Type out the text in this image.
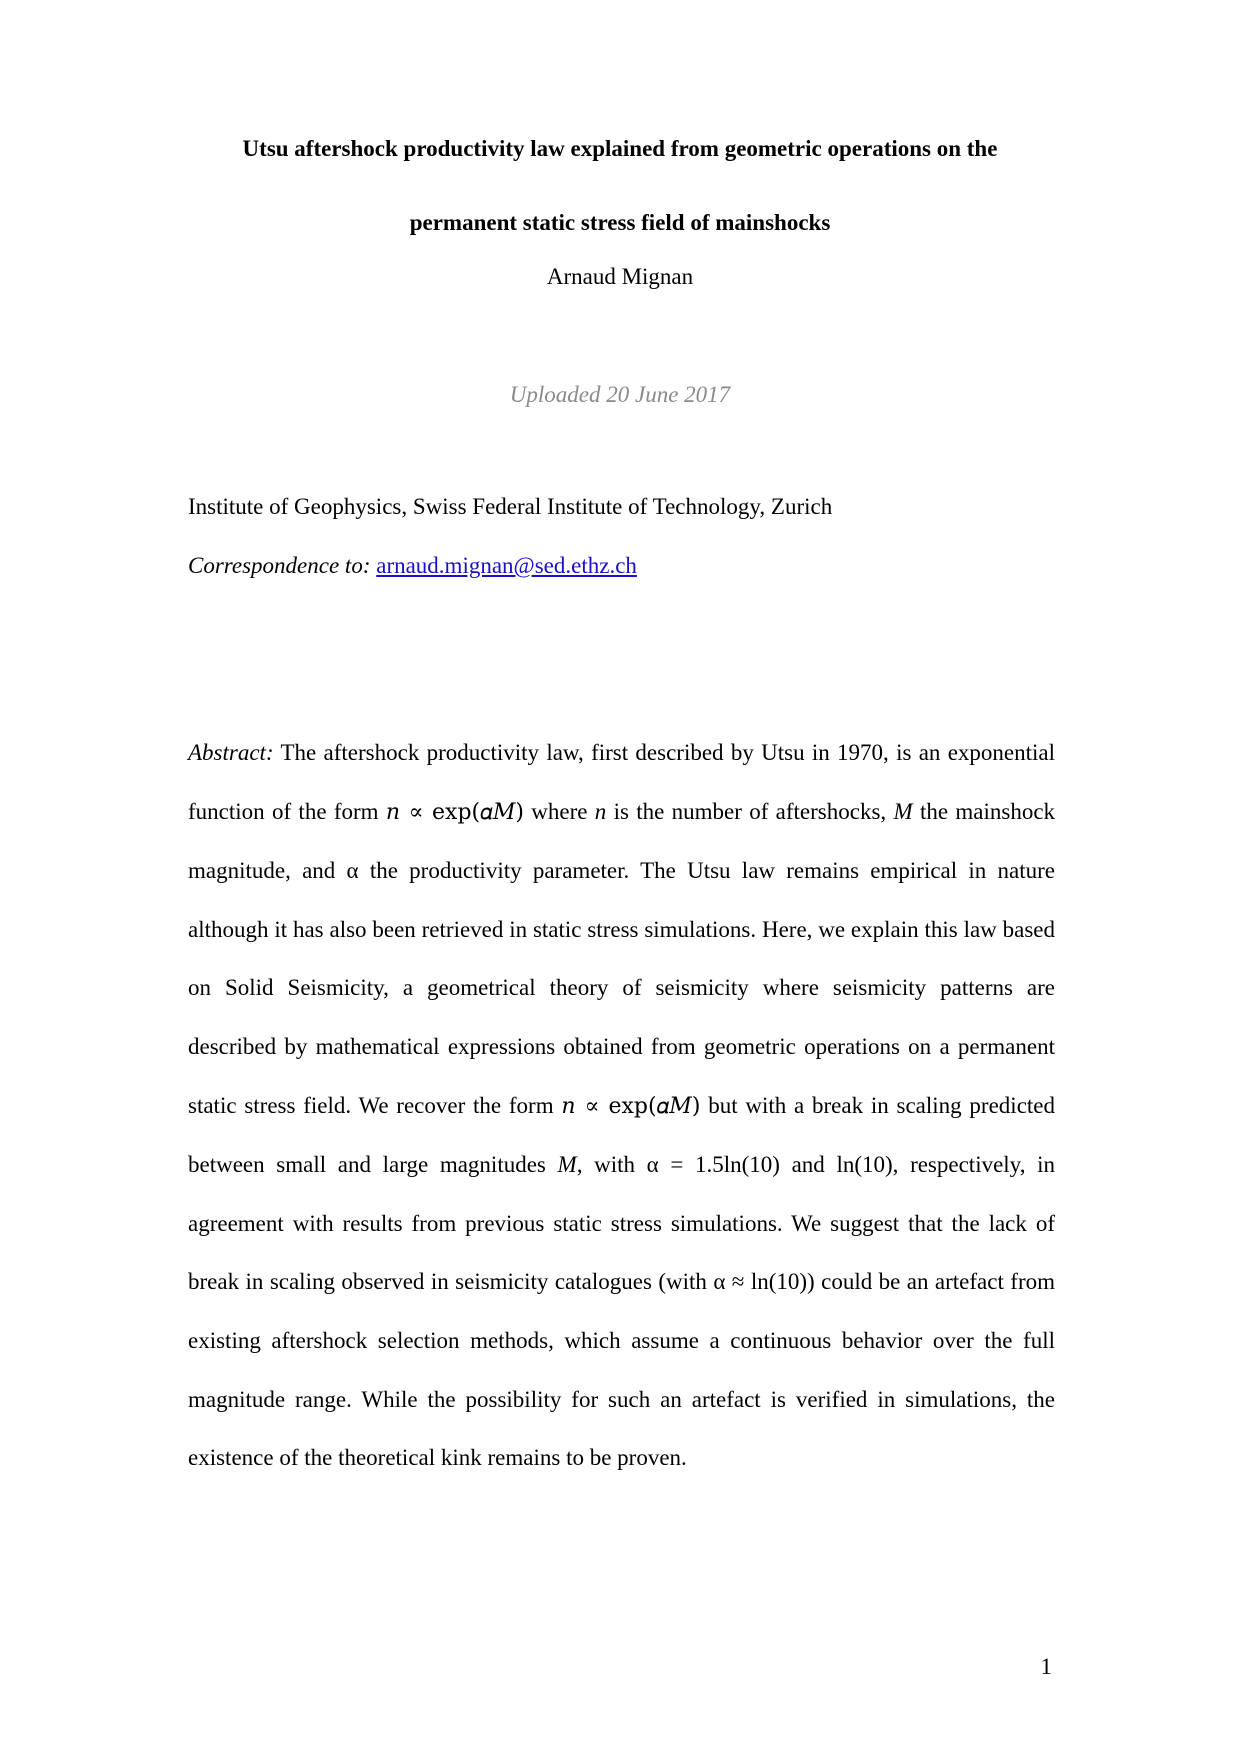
Utsu aftershock productivity law explained from geometric operations on the
permanent static stress field of mainshocks
Arnaud Mignan
Uploaded 20 June 2017
Institute of Geophysics, Swiss Federal Institute of Technology, Zurich
Correspondence to: arnaud.mignan@sed.ethz.ch

Abstract: The aftershock productivity law, first described by Utsu in 1970, is an exponential function of the form 𝑛 ∝ exp(𝛼𝑀) where n is the number of aftershocks, M the mainshock magnitude, and α the productivity parameter. The Utsu law remains empirical in nature although it has also been retrieved in static stress simulations. Here, we explain this law based on Solid Seismicity, a geometrical theory of seismicity where seismicity patterns are described by mathematical expressions obtained from geometric operations on a permanent static stress field. We recover the form 𝑛 ∝ exp(𝛼𝑀) but with a break in scaling predicted between small and large magnitudes M, with α = 1.5ln(10) and ln(10), respectively, in agreement with results from previous static stress simulations. We suggest that the lack of break in scaling observed in seismicity catalogues (with α ≈ ln(10)) could be an artefact from existing aftershock selection methods, which assume a continuous behavior over the full magnitude range. While the possibility for such an artefact is verified in simulations, the existence of the theoretical kink remains to be proven.

1
